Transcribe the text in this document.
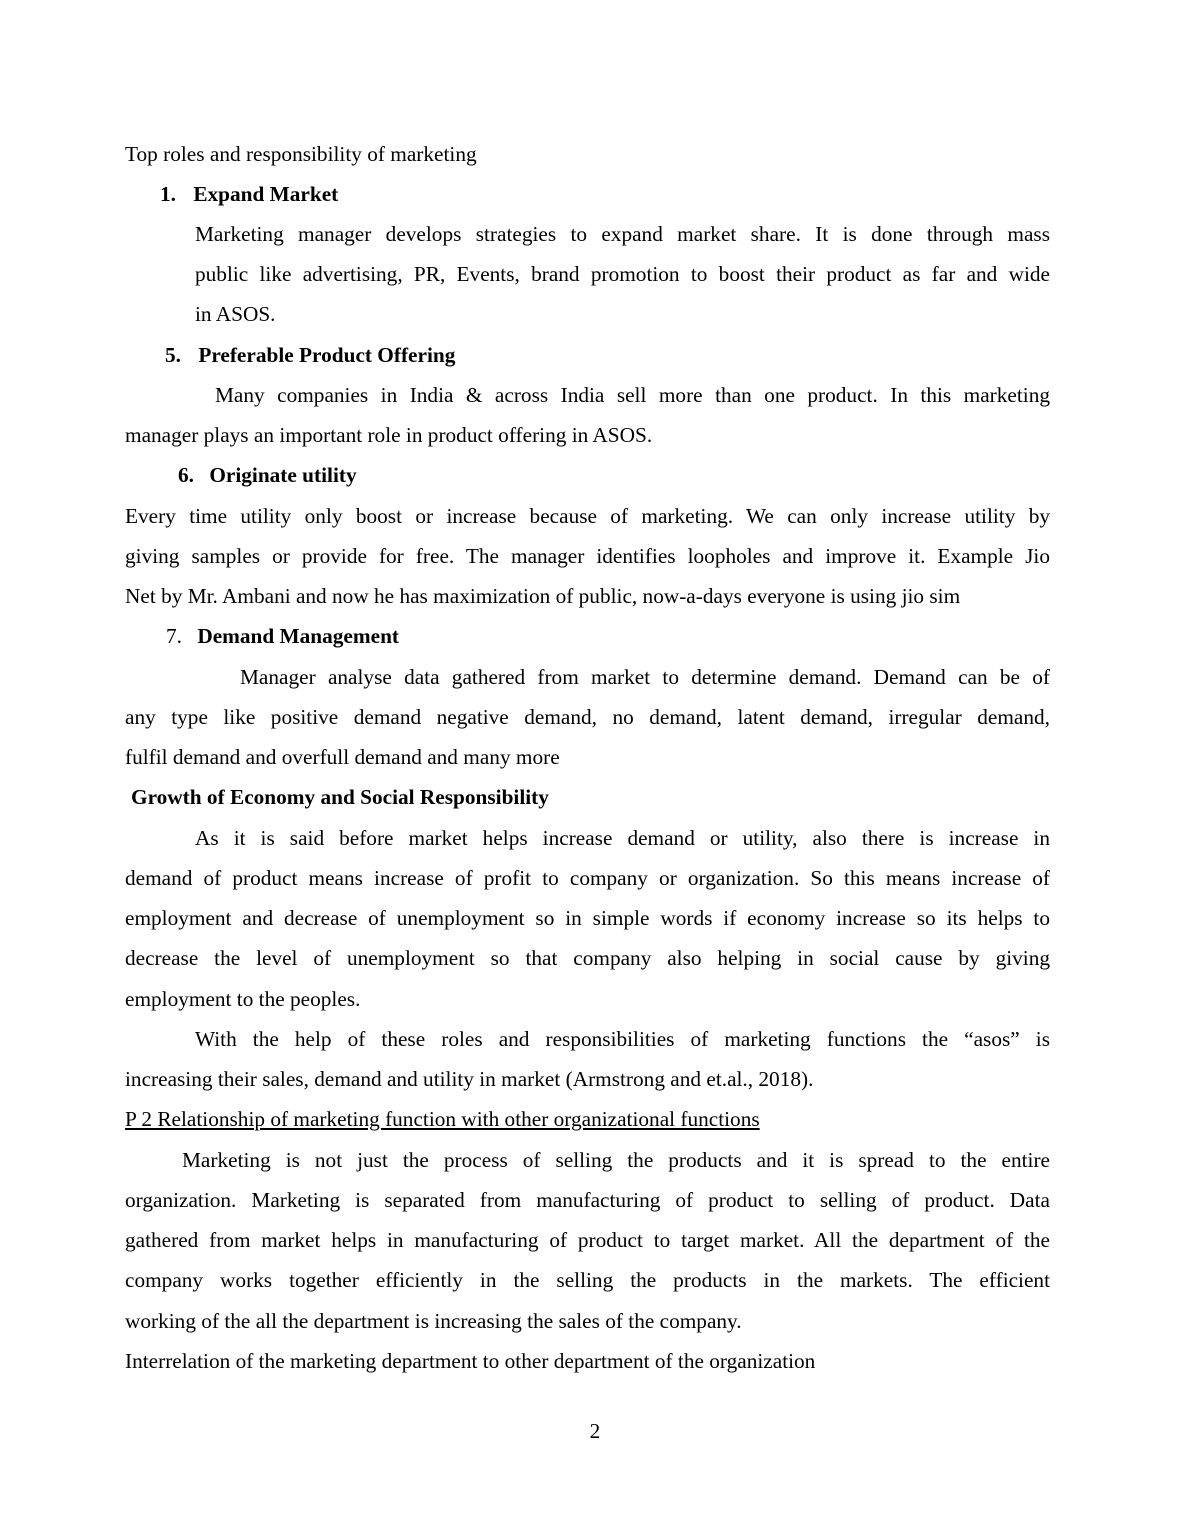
Top roles and responsibility of marketing
1. Expand Market
Marketing manager develops strategies to expand market share. It is done through mass
public like advertising, PR, Events, brand promotion to boost their product as far and wide
in ASOS.
5. Preferable Product Offering
Many companies in India & across India sell more than one product. In this marketing
manager plays an important role in product offering in ASOS.
6. Originate utility
Every time utility only boost or increase because of marketing. We can only increase utility by
giving samples or provide for free. The manager identifies loopholes and improve it. Example Jio
Net by Mr. Ambani and now he has maximization of public, now-a-days everyone is using jio sim
7. Demand Management
Manager analyse data gathered from market to determine demand. Demand can be of
any type like positive demand negative demand, no demand, latent demand, irregular demand,
fulfil demand and overfull demand and many more
Growth of Economy and Social Responsibility
As it is said before market helps increase demand or utility, also there is increase in
demand of product means increase of profit to company or organization. So this means increase of
employment and decrease of unemployment so in simple words if economy increase so its helps to
decrease the level of unemployment so that company also helping in social cause by giving
employment to the peoples.
With the help of these roles and responsibilities of marketing functions the “asos” is
increasing their sales, demand and utility in market (Armstrong and et.al., 2018).
P 2 Relationship of marketing function with other organizational functions
Marketing is not just the process of selling the products and it is spread to the entire
organization. Marketing is separated from manufacturing of product to selling of product. Data
gathered from market helps in manufacturing of product to target market. All the department of the
company works together efficiently in the selling the products in the markets. The efficient
working of the all the department is increasing the sales of the company.
Interrelation of the marketing department to other department of the organization
2
